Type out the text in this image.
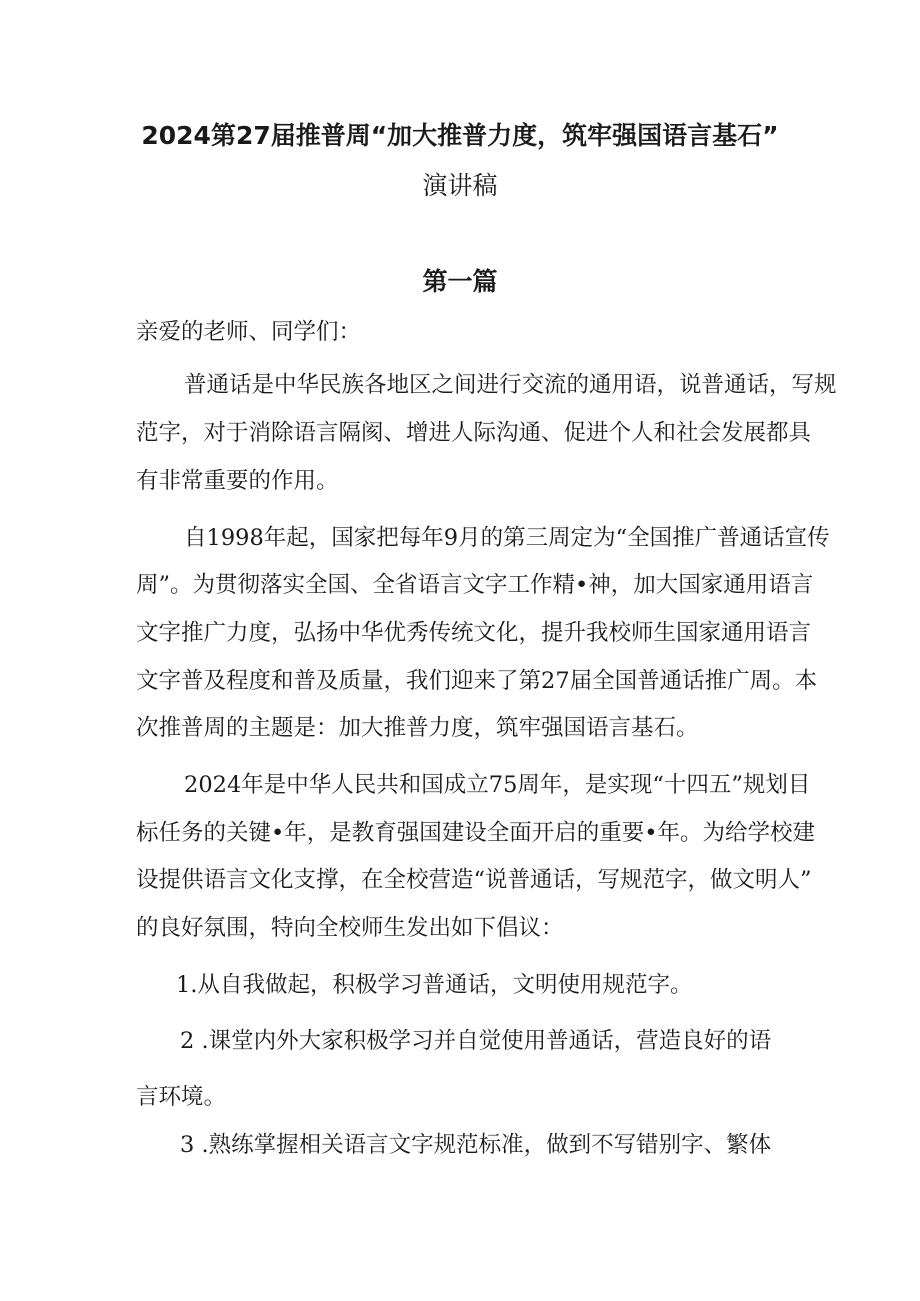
2024第27届推普周“加大推普力度，筑牢强国语言基石”
演讲稿
第一篇
亲爱的老师、同学们：
普通话是中华民族各地区之间进行交流的通用语，说普通话，写规
范字，对于消除语言隔阂、增进人际沟通、促进个人和社会发展都具
有非常重要的作用。
自1998年起，国家把每年9月的第三周定为“全国推广普通话宣传
周”。为贯彻落实全国、全省语言文字工作精•神，加大国家通用语言
文字推广力度，弘扬中华优秀传统文化，提升我校师生国家通用语言
文字普及程度和普及质量，我们迎来了第27届全国普通话推广周。本
次推普周的主题是：加大推普力度，筑牢强国语言基石。
2024年是中华人民共和国成立75周年，是实现“十四五”规划目
标任务的关键•年，是教育强国建设全面开启的重要•年。为给学校建
设提供语言文化支撑，在全校营造“说普通话，写规范字，做文明人”
的良好氛围，特向全校师生发出如下倡议：
1.从自我做起，积极学习普通话，文明使用规范字。
2 .课堂内外大家积极学习并自觉使用普通话，营造良好的语
言环境。
3 .熟练掌握相关语言文字规范标准，做到不写错别字、繁体
